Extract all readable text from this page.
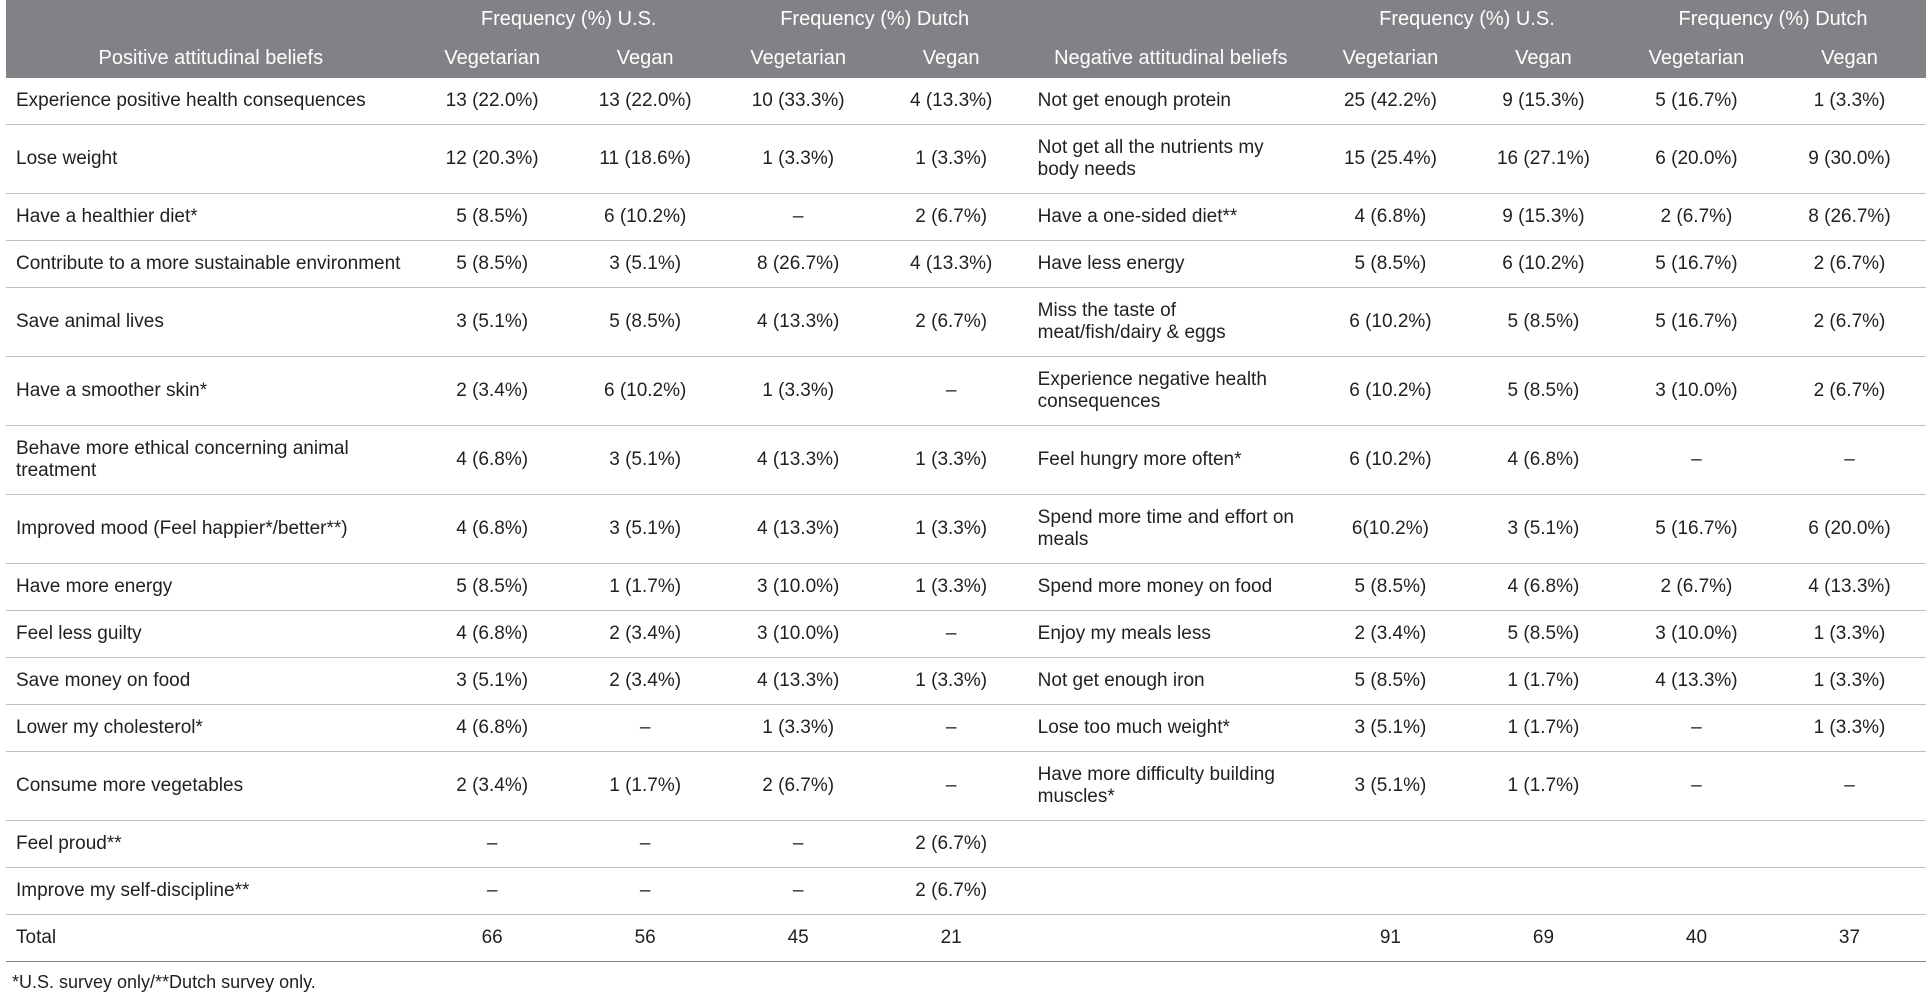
Positive attitudinal beliefs	Frequency (%) U.S.		Frequency (%) Dutch		Negative attitudinal beliefs	Frequency (%) U.S.		Frequency (%) Dutch	
	Vegetarian	Vegan	Vegetarian	Vegan		Vegetarian	Vegan	Vegetarian	Vegan
Experience positive health consequences	13 (22.0%)	13 (22.0%)	10 (33.3%)	4 (13.3%)	Not get enough protein	25 (42.2%)	9 (15.3%)	5 (16.7%)	1 (3.3%)
Lose weight	12 (20.3%)	11 (18.6%)	1 (3.3%)	1 (3.3%)	Not get all the nutrients my body needs	15 (25.4%)	16 (27.1%)	6 (20.0%)	9 (30.0%)
Have a healthier diet*	5 (8.5%)	6 (10.2%)	–	2 (6.7%)	Have a one-sided diet**	4 (6.8%)	9 (15.3%)	2 (6.7%)	8 (26.7%)
Contribute to a more sustainable environment	5 (8.5%)	3 (5.1%)	8 (26.7%)	4 (13.3%)	Have less energy	5 (8.5%)	6 (10.2%)	5 (16.7%)	2 (6.7%)
Save animal lives	3 (5.1%)	5 (8.5%)	4 (13.3%)	2 (6.7%)	Miss the taste of meat/fish/dairy & eggs	6 (10.2%)	5 (8.5%)	5 (16.7%)	2 (6.7%)
Have a smoother skin*	2 (3.4%)	6 (10.2%)	1 (3.3%)	–	Experience negative health consequences	6 (10.2%)	5 (8.5%)	3 (10.0%)	2 (6.7%)
Behave more ethical concerning animal treatment	4 (6.8%)	3 (5.1%)	4 (13.3%)	1 (3.3%)	Feel hungry more often*	6 (10.2%)	4 (6.8%)	–	–
Improved mood (Feel happier*/better**)	4 (6.8%)	3 (5.1%)	4 (13.3%)	1 (3.3%)	Spend more time and effort on meals	6(10.2%)	3 (5.1%)	5 (16.7%)	6 (20.0%)
Have more energy	5 (8.5%)	1 (1.7%)	3 (10.0%)	1 (3.3%)	Spend more money on food	5 (8.5%)	4 (6.8%)	2 (6.7%)	4 (13.3%)
Feel less guilty	4 (6.8%)	2 (3.4%)	3 (10.0%)	–	Enjoy my meals less	2 (3.4%)	5 (8.5%)	3 (10.0%)	1 (3.3%)
Save money on food	3 (5.1%)	2 (3.4%)	4 (13.3%)	1 (3.3%)	Not get enough iron	5 (8.5%)	1 (1.7%)	4 (13.3%)	1 (3.3%)
Lower my cholesterol*	4 (6.8%)	–	1 (3.3%)	–	Lose too much weight*	3 (5.1%)	1 (1.7%)	–	1 (3.3%)
Consume more vegetables	2 (3.4%)	1 (1.7%)	2 (6.7%)	–	Have more difficulty building muscles*	3 (5.1%)	1 (1.7%)	–	–
Feel proud**	–	–	–	2 (6.7%)					
Improve my self-discipline**	–	–	–	2 (6.7%)					
Total	66	56	45	21		91	69	40	37
*U.S. survey only/**Dutch survey only.
